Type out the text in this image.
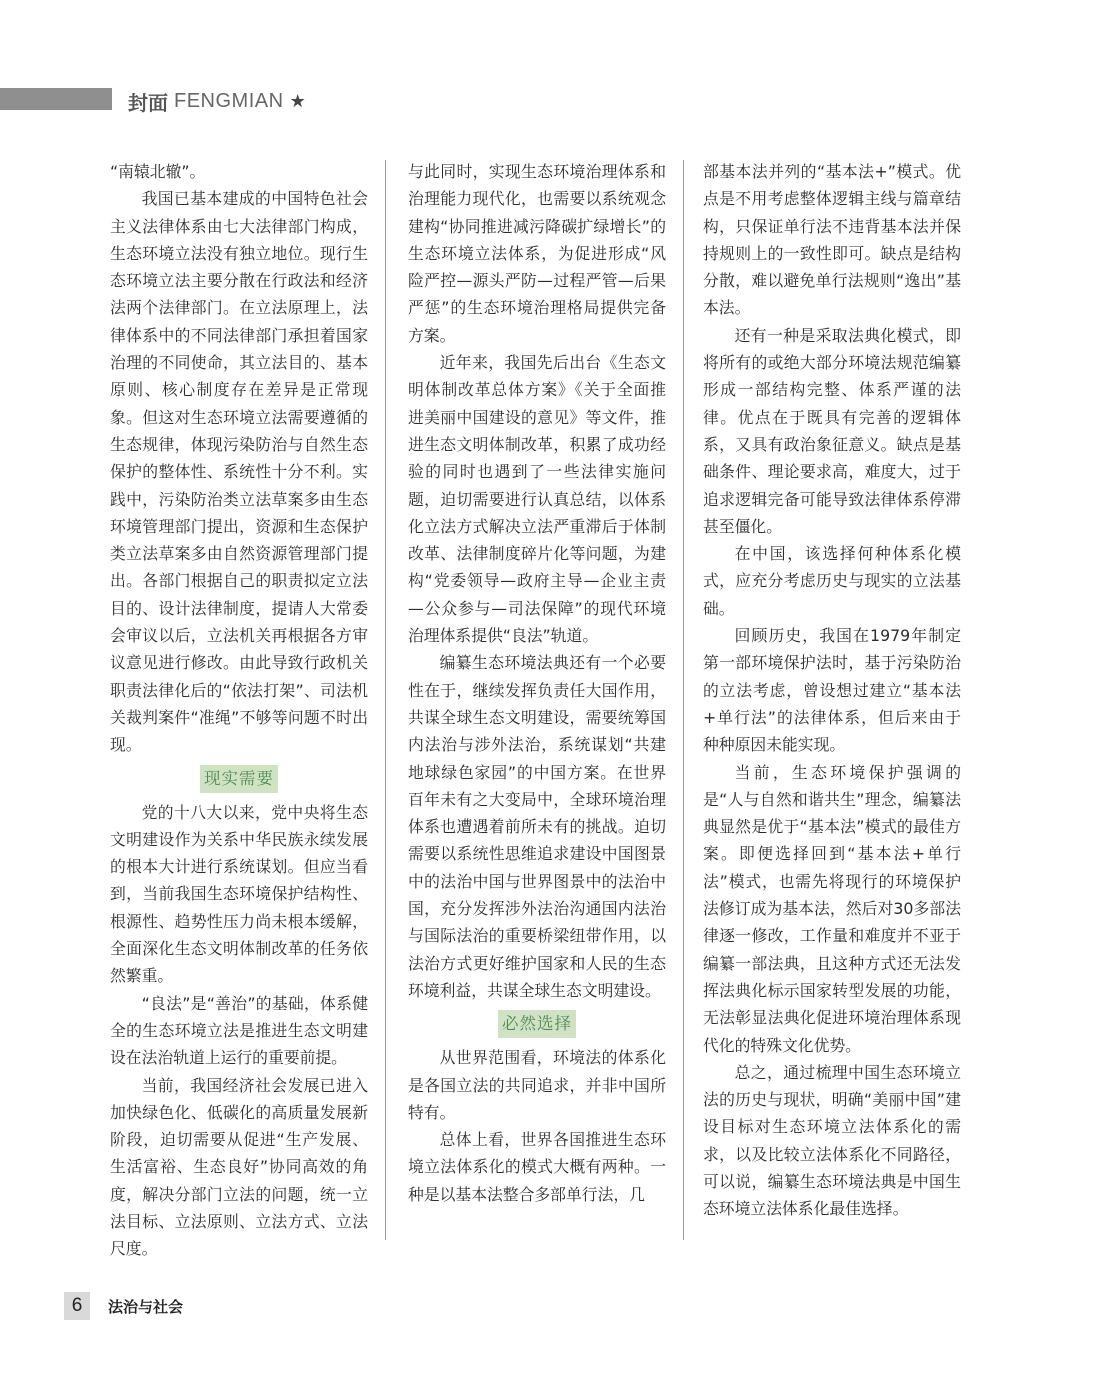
封面 FENGMIAN ★

“南辕北辙”。

我国已基本建成的中国特色社会主义法律体系由七大法律部门构成，生态环境立法没有独立地位。现行生态环境立法主要分散在行政法和经济法两个法律部门。在立法原理上，法律体系中的不同法律部门承担着国家治理的不同使命，其立法目的、基本原则、核心制度存在差异是正常现象。但这对生态环境立法需要遵循的生态规律，体现污染防治与自然生态保护的整体性、系统性十分不利。实践中，污染防治类立法草案多由生态环境管理部门提出，资源和生态保护类立法草案多由自然资源管理部门提出。各部门根据自己的职责拟定立法目的、设计法律制度，提请人大常委会审议以后，立法机关再根据各方审议意见进行修改。由此导致行政机关职责法律化后的“依法打架”、司法机关裁判案件“准绳”不够等问题不时出现。

现实需要

党的十八大以来，党中央将生态文明建设作为关系中华民族永续发展的根本大计进行系统谋划。但应当看到，当前我国生态环境保护结构性、根源性、趋势性压力尚未根本缓解，全面深化生态文明体制改革的任务依然繁重。

“良法”是“善治”的基础，体系健全的生态环境立法是推进生态文明建设在法治轨道上运行的重要前提。

当前，我国经济社会发展已进入加快绿色化、低碳化的高质量发展新阶段，迫切需要从促进“生产发展、生活富裕、生态良好”协同高效的角度，解决分部门立法的问题，统一立法目标、立法原则、立法方式、立法尺度。

与此同时，实现生态环境治理体系和治理能力现代化，也需要以系统观念建构“协同推进减污降碳扩绿增长”的生态环境立法体系，为促进形成“风险严控—源头严防—过程严管—后果严惩”的生态环境治理格局提供完备方案。

近年来，我国先后出台《生态文明体制改革总体方案》《关于全面推进美丽中国建设的意见》等文件，推进生态文明体制改革，积累了成功经验的同时也遇到了一些法律实施问题，迫切需要进行认真总结，以体系化立法方式解决立法严重滞后于体制改革、法律制度碎片化等问题，为建构“党委领导—政府主导—企业主责—公众参与—司法保障”的现代环境治理体系提供“良法”轨道。

编纂生态环境法典还有一个必要性在于，继续发挥负责任大国作用，共谋全球生态文明建设，需要统筹国内法治与涉外法治，系统谋划“共建地球绿色家园”的中国方案。在世界百年未有之大变局中，全球环境治理体系也遭遇着前所未有的挑战。迫切需要以系统性思维追求建设中国图景中的法治中国与世界图景中的法治中国，充分发挥涉外法治沟通国内法治与国际法治的重要桥梁纽带作用，以法治方式更好维护国家和人民的生态环境利益，共谋全球生态文明建设。

必然选择

从世界范围看，环境法的体系化是各国立法的共同追求，并非中国所特有。

总体上看，世界各国推进生态环境立法体系化的模式大概有两种。一种是以基本法整合多部单行法，几

部基本法并列的“基本法+”模式。优点是不用考虑整体逻辑主线与篇章结构，只保证单行法不违背基本法并保持规则上的一致性即可。缺点是结构分散，难以避免单行法规则“逸出”基本法。

还有一种是采取法典化模式，即将所有的或绝大部分环境法规范编纂形成一部结构完整、体系严谨的法律。优点在于既具有完善的逻辑体系，又具有政治象征意义。缺点是基础条件、理论要求高，难度大，过于追求逻辑完备可能导致法律体系停滞甚至僵化。

在中国，该选择何种体系化模式，应充分考虑历史与现实的立法基础。

回顾历史，我国在1979年制定第一部环境保护法时，基于污染防治的立法考虑，曾设想过建立“基本法+单行法”的法律体系，但后来由于种种原因未能实现。

当前，生态环境保护强调的是“人与自然和谐共生”理念，编纂法典显然是优于“基本法”模式的最佳方案。即便选择回到“基本法+单行法”模式，也需先将现行的环境保护法修订成为基本法，然后对30多部法律逐一修改，工作量和难度并不亚于编纂一部法典，且这种方式还无法发挥法典化标示国家转型发展的功能，无法彰显法典化促进环境治理体系现代化的特殊文化优势。

总之，通过梳理中国生态环境立法的历史与现状，明确“美丽中国”建设目标对生态环境立法体系化的需求，以及比较立法体系化不同路径，可以说，编纂生态环境法典是中国生态环境立法体系化最佳选择。

6	法治与社会
